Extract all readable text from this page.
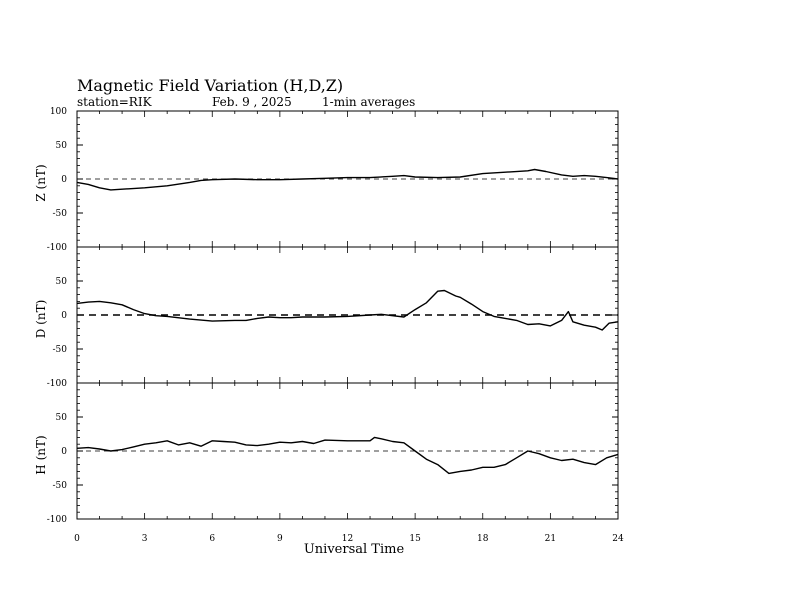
Magnetic Field Variation (H,D,Z)
station=RIK	Feb. 9 , 2025	1-min averages
100
50
0
-50
-100
Z (nT)
50
0
-50
-100
D (nT)
50
0
-50
-100
H (nT)
0	3	6	9	12	15	18	21	24
Universal Time
